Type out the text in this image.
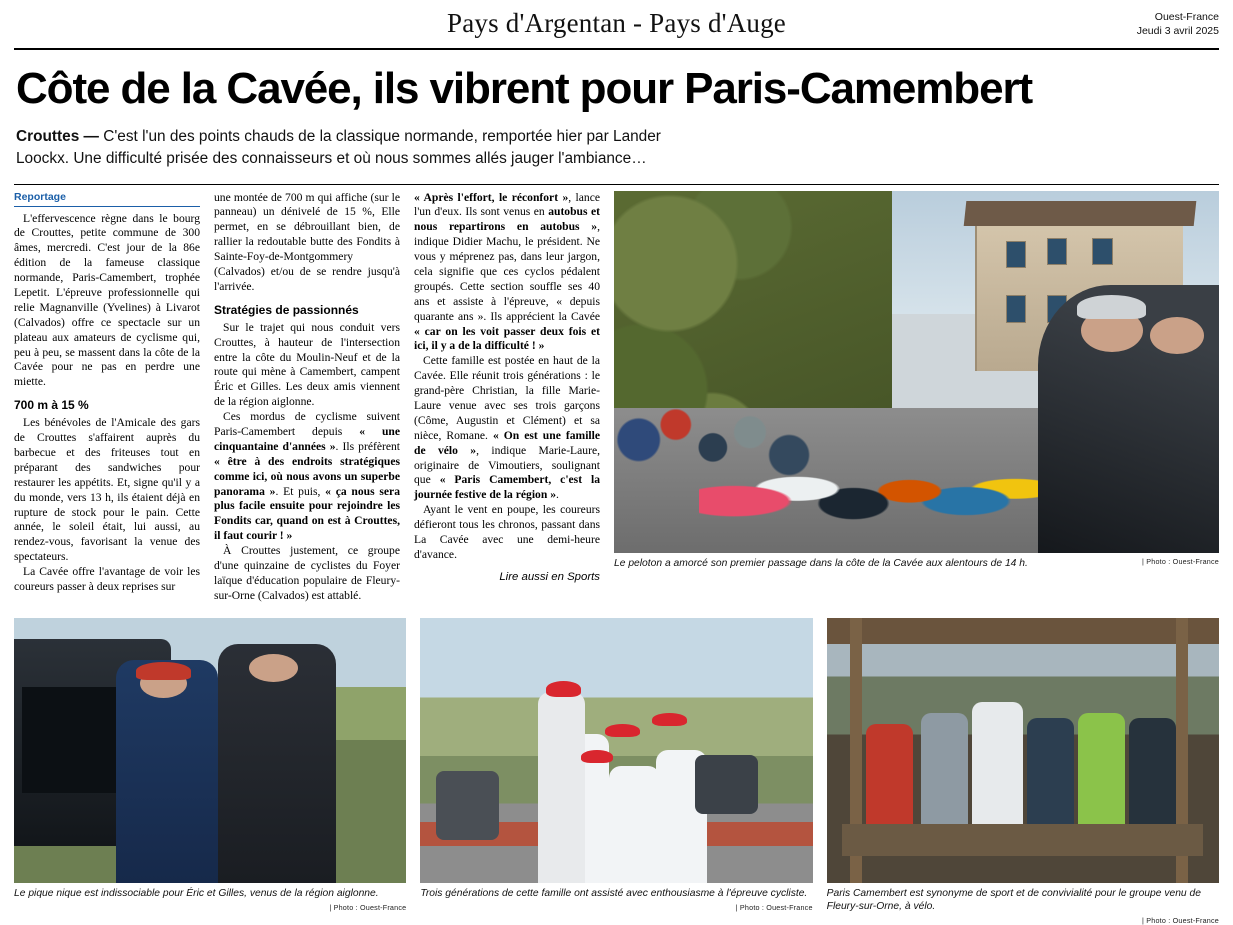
Pays d'Argentan - Pays d'Auge	Ouest-France
Jeudi 3 avril 2025
Côte de la Cavée, ils vibrent pour Paris-Camembert

Crouttes — C'est l'un des points chauds de la classique normande, remportée hier par Lander Loockx. Une difficulté prisée des connaisseurs et où nous sommes allés jauger l'ambiance…

Reportage
L'effervescence règne dans le bourg de Crouttes, petite commune de 300 âmes, mercredi. C'est jour de la 86e édition de la fameuse classique normande, Paris-Camembert, trophée Lepetit. L'épreuve professionnelle qui relie Magnanville (Yvelines) à Livarot (Calvados) offre ce spectacle sur un plateau aux amateurs de cyclisme qui, peu à peu, se massent dans la côte de la Cavée pour ne pas en perdre une miette.
700 m à 15 %
Les bénévoles de l'Amicale des gars de Crouttes s'affairent auprès du barbecue et des friteuses tout en préparant des sandwiches pour restaurer les appétits. Et, signe qu'il y a du monde, vers 13 h, ils étaient déjà en rupture de stock pour le pain. Cette année, le soleil était, lui aussi, au rendez-vous, favorisant la venue des spectateurs.
La Cavée offre l'avantage de voir les coureurs passer à deux reprises sur
une montée de 700 m qui affiche (sur le panneau) un dénivelé de 15 %, Elle permet, en se débrouillant bien, de rallier la redoutable butte des Fondits à Sainte-Foy-de-Montgommery (Calvados) et/ou de se rendre jusqu'à l'arrivée.
Stratégies de passionnés
Sur le trajet qui nous conduit vers Crouttes, à hauteur de l'intersection entre la côte du Moulin-Neuf et de la route qui mène à Camembert, campent Éric et Gilles. Les deux amis viennent de la région aiglonne.
Ces mordus de cyclisme suivent Paris-Camembert depuis « une cinquantaine d'années ». Ils préfèrent « être à des endroits stratégiques comme ici, où nous avons un superbe panorama ». Et puis, « ça nous sera plus facile ensuite pour rejoindre les Fondits car, quand on est à Crouttes, il faut courir ! »
À Crouttes justement, ce groupe d'une quinzaine de cyclistes du Foyer laïque d'éducation populaire de Fleury-sur-Orne (Calvados) est attablé.
« Après l'effort, le réconfort », lance l'un d'eux. Ils sont venus en autobus et nous repartirons en autobus », indique Didier Machu, le président. Ne vous y méprenez pas, dans leur jargon, cela signifie que ces cyclos pédalent groupés. Cette section souffle ses 40 ans et assiste à l'épreuve, « depuis quarante ans ». Ils apprécient la Cavée « car on les voit passer deux fois et ici, il y a de la difficulté ! »
Cette famille est postée en haut de la Cavée. Elle réunit trois générations : le grand-père Christian, la fille Marie-Laure venue avec ses trois garçons (Côme, Augustin et Clément) et sa nièce, Romane. « On est une famille de vélo », indique Marie-Laure, originaire de Vimoutiers, soulignant que « Paris Camembert, c'est la journée festive de la région ».
Ayant le vent en poupe, les coureurs défieront tous les chronos, passant dans La Cavée avec une demi-heure d'avance.
Lire aussi en Sports
Le peloton a amorcé son premier passage dans la côte de la Cavée aux alentours de 14 h.	| Photo : Ouest-France
Le pique nique est indissociable pour Éric et Gilles, venus de la région aiglonne.
| Photo : Ouest-France
Trois générations de cette famille ont assisté avec enthousiasme à l'épreuve cycliste.
| Photo : Ouest-France
Paris Camembert est synonyme de sport et de convivialité pour le groupe venu de Fleury-sur-Orne, à vélo.
| Photo : Ouest-France
